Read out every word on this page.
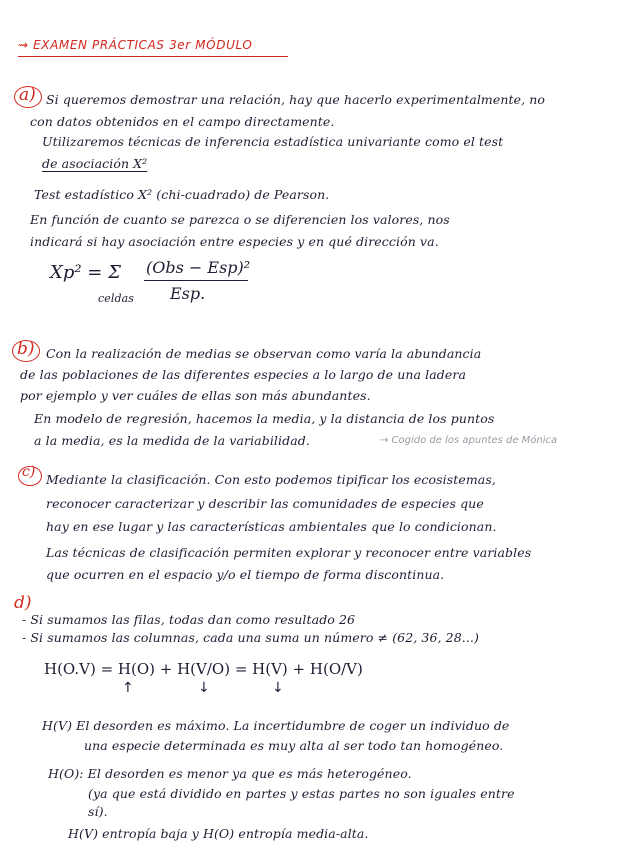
⇝ EXAMEN PRÁCTICAS 3er MÓDULO
a) Si queremos demostrar una relación, hay que hacerlo experimentalmente, no
con datos obtenidos en el campo directamente.
Utilizaremos técnicas de inferencia estadística univariante como el test
de asociación X²
Test estadístico X² (chi-cuadrado) de Pearson.
En función de cuanto se parezca o se diferencien los valores, nos
indicará si hay asociación entre especies y en qué dirección va.
Xp² = Σ
celdas
(Obs − Esp)²
Esp.
b) Con la realización de medias se observan como varía la abundancia
de las poblaciones de las diferentes especies a lo largo de una ladera
por ejemplo y ver cuáles de ellas son más abundantes.
En modelo de regresión, hacemos la media, y la distancia de los puntos
a la media, es la medida de la variabilidad.	→ Cogido de los apuntes de Mónica
c) Mediante la clasificación. Con esto podemos tipificar los ecosistemas,
reconocer caracterizar y describir las comunidades de especies que
hay en ese lugar y las características ambientales que lo condicionan.
Las técnicas de clasificación permiten explorar y reconocer entre variables
que ocurren en el espacio y/o el tiempo de forma discontinua.
d)
- Si sumamos las filas, todas dan como resultado 26
- Si sumamos las columnas, cada una suma un número ≠ (62, 36, 28...)
H(O.V) = H(O) + H(V/O) = H(V) + H(O/V)
↑	↓	↓
H(V) El desorden es máximo. La incertidumbre de coger un individuo de
una especie determinada es muy alta al ser todo tan homogéneo.
H(O): El desorden es menor ya que es más heterogéneo.
(ya que está dividido en partes y estas partes no son iguales entre
sí).
H(V) entropía baja y H(O) entropía media-alta.
